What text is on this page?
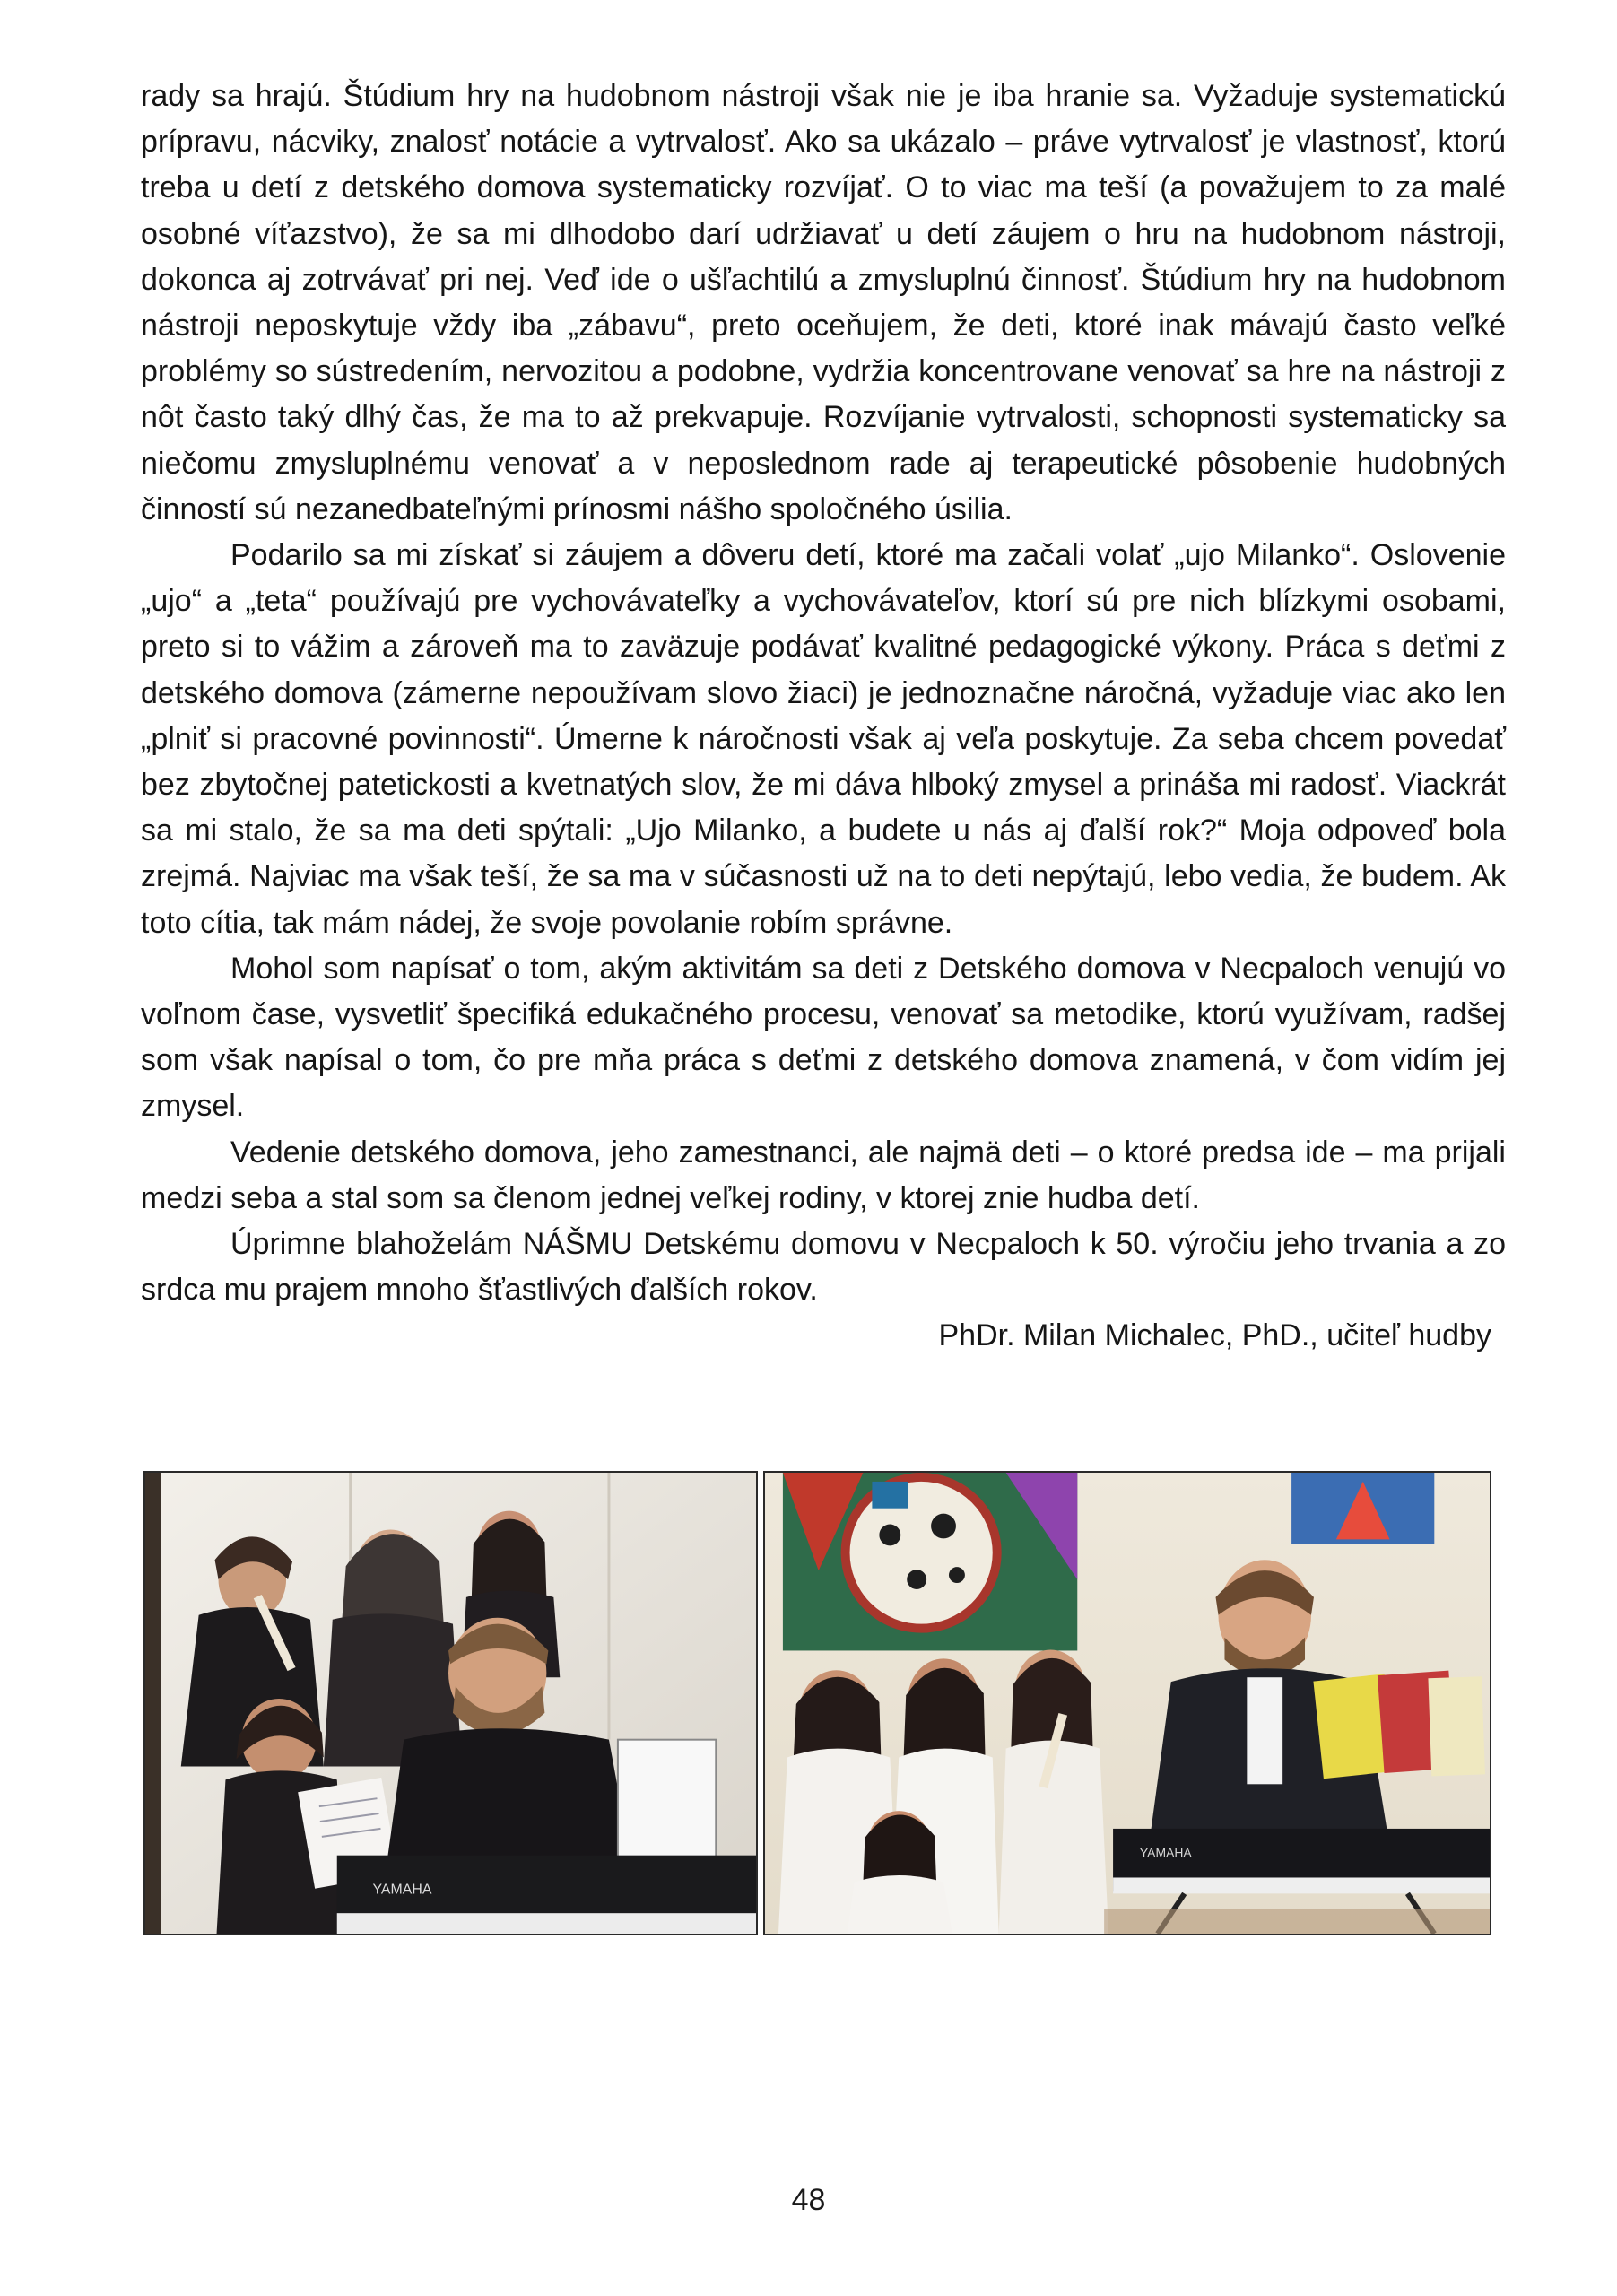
rady sa hrajú. Štúdium hry na hudobnom nástroji však nie je iba hranie sa. Vyžaduje systematickú prípravu, nácviky, znalosť notácie a vytrvalosť. Ako sa ukázalo – práve vytrvalosť je vlastnosť, ktorú treba u detí z detského domova systematicky rozvíjať. O to viac ma teší (a považujem to za malé osobné víťazstvo), že sa mi dlhodobo darí udržiavať u detí záujem o hru na hudobnom nástroji, dokonca aj zotrvávať pri nej. Veď ide o ušľachtilú a zmysluplnú činnosť. Štúdium hry na hudobnom nástroji neposkytuje vždy iba „zábavu“, preto oceňujem, že deti, ktoré inak mávajú často veľké problémy so sústredením, nervozitou a podobne, vydržia koncentrovane venovať sa hre na nástroji z nôt často taký dlhý čas, že ma to až prekvapuje. Rozvíjanie vytrvalosti, schopnosti systematicky sa niečomu zmysluplnému venovať a v neposlednom rade aj terapeutické pôsobenie hudobných činností sú nezanedbateľnými prínosmi nášho spoločného úsilia.

Podarilo sa mi získať si záujem a dôveru detí, ktoré ma začali volať „ujo Milanko“. Oslovenie „ujo“ a „teta“ používajú pre vychovávateľky a vychovávateľov, ktorí sú pre nich blízkymi osobami, preto si to vážim a zároveň ma to zaväzuje podávať kvalitné pedagogické výkony. Práca s deťmi z detského domova (zámerne nepoužívam slovo žiaci) je jednoznačne náročná, vyžaduje viac ako len „plniť si pracovné povinnosti“. Úmerne k náročnosti však aj veľa poskytuje. Za seba chcem povedať bez zbytočnej patetickosti a kvetnatých slov, že mi dáva hlboký zmysel a prináša mi radosť. Viackrát sa mi stalo, že sa ma deti spýtali: „Ujo Milanko, a budete u nás aj ďalší rok?“ Moja odpoveď bola zrejmá. Najviac ma však teší, že sa ma v súčasnosti už na to deti nepýtajú, lebo vedia, že budem. Ak toto cítia, tak mám nádej, že svoje povolanie robím správne.

Mohol som napísať o tom, akým aktivitám sa deti z Detského domova v Necpaloch venujú vo voľnom čase, vysvetliť špecifiká edukačného procesu, venovať sa metodike, ktorú využívam, radšej som však napísal o tom, čo pre mňa práca s deťmi z detského domova znamená, v čom vidím jej zmysel.

Vedenie detského domova, jeho zamestnanci, ale najmä deti – o ktoré predsa ide – ma prijali medzi seba a stal som sa členom jednej veľkej rodiny, v ktorej znie hudba detí.

Úprimne blahoželám NÁŠMU Detskému domovu v Necpaloch k 50. výročiu jeho trvania a zo srdca mu prajem mnoho šťastlivých ďalších rokov.

PhDr. Milan Michalec, PhD., učiteľ hudby

YAMAHA
YAMAHA
48
